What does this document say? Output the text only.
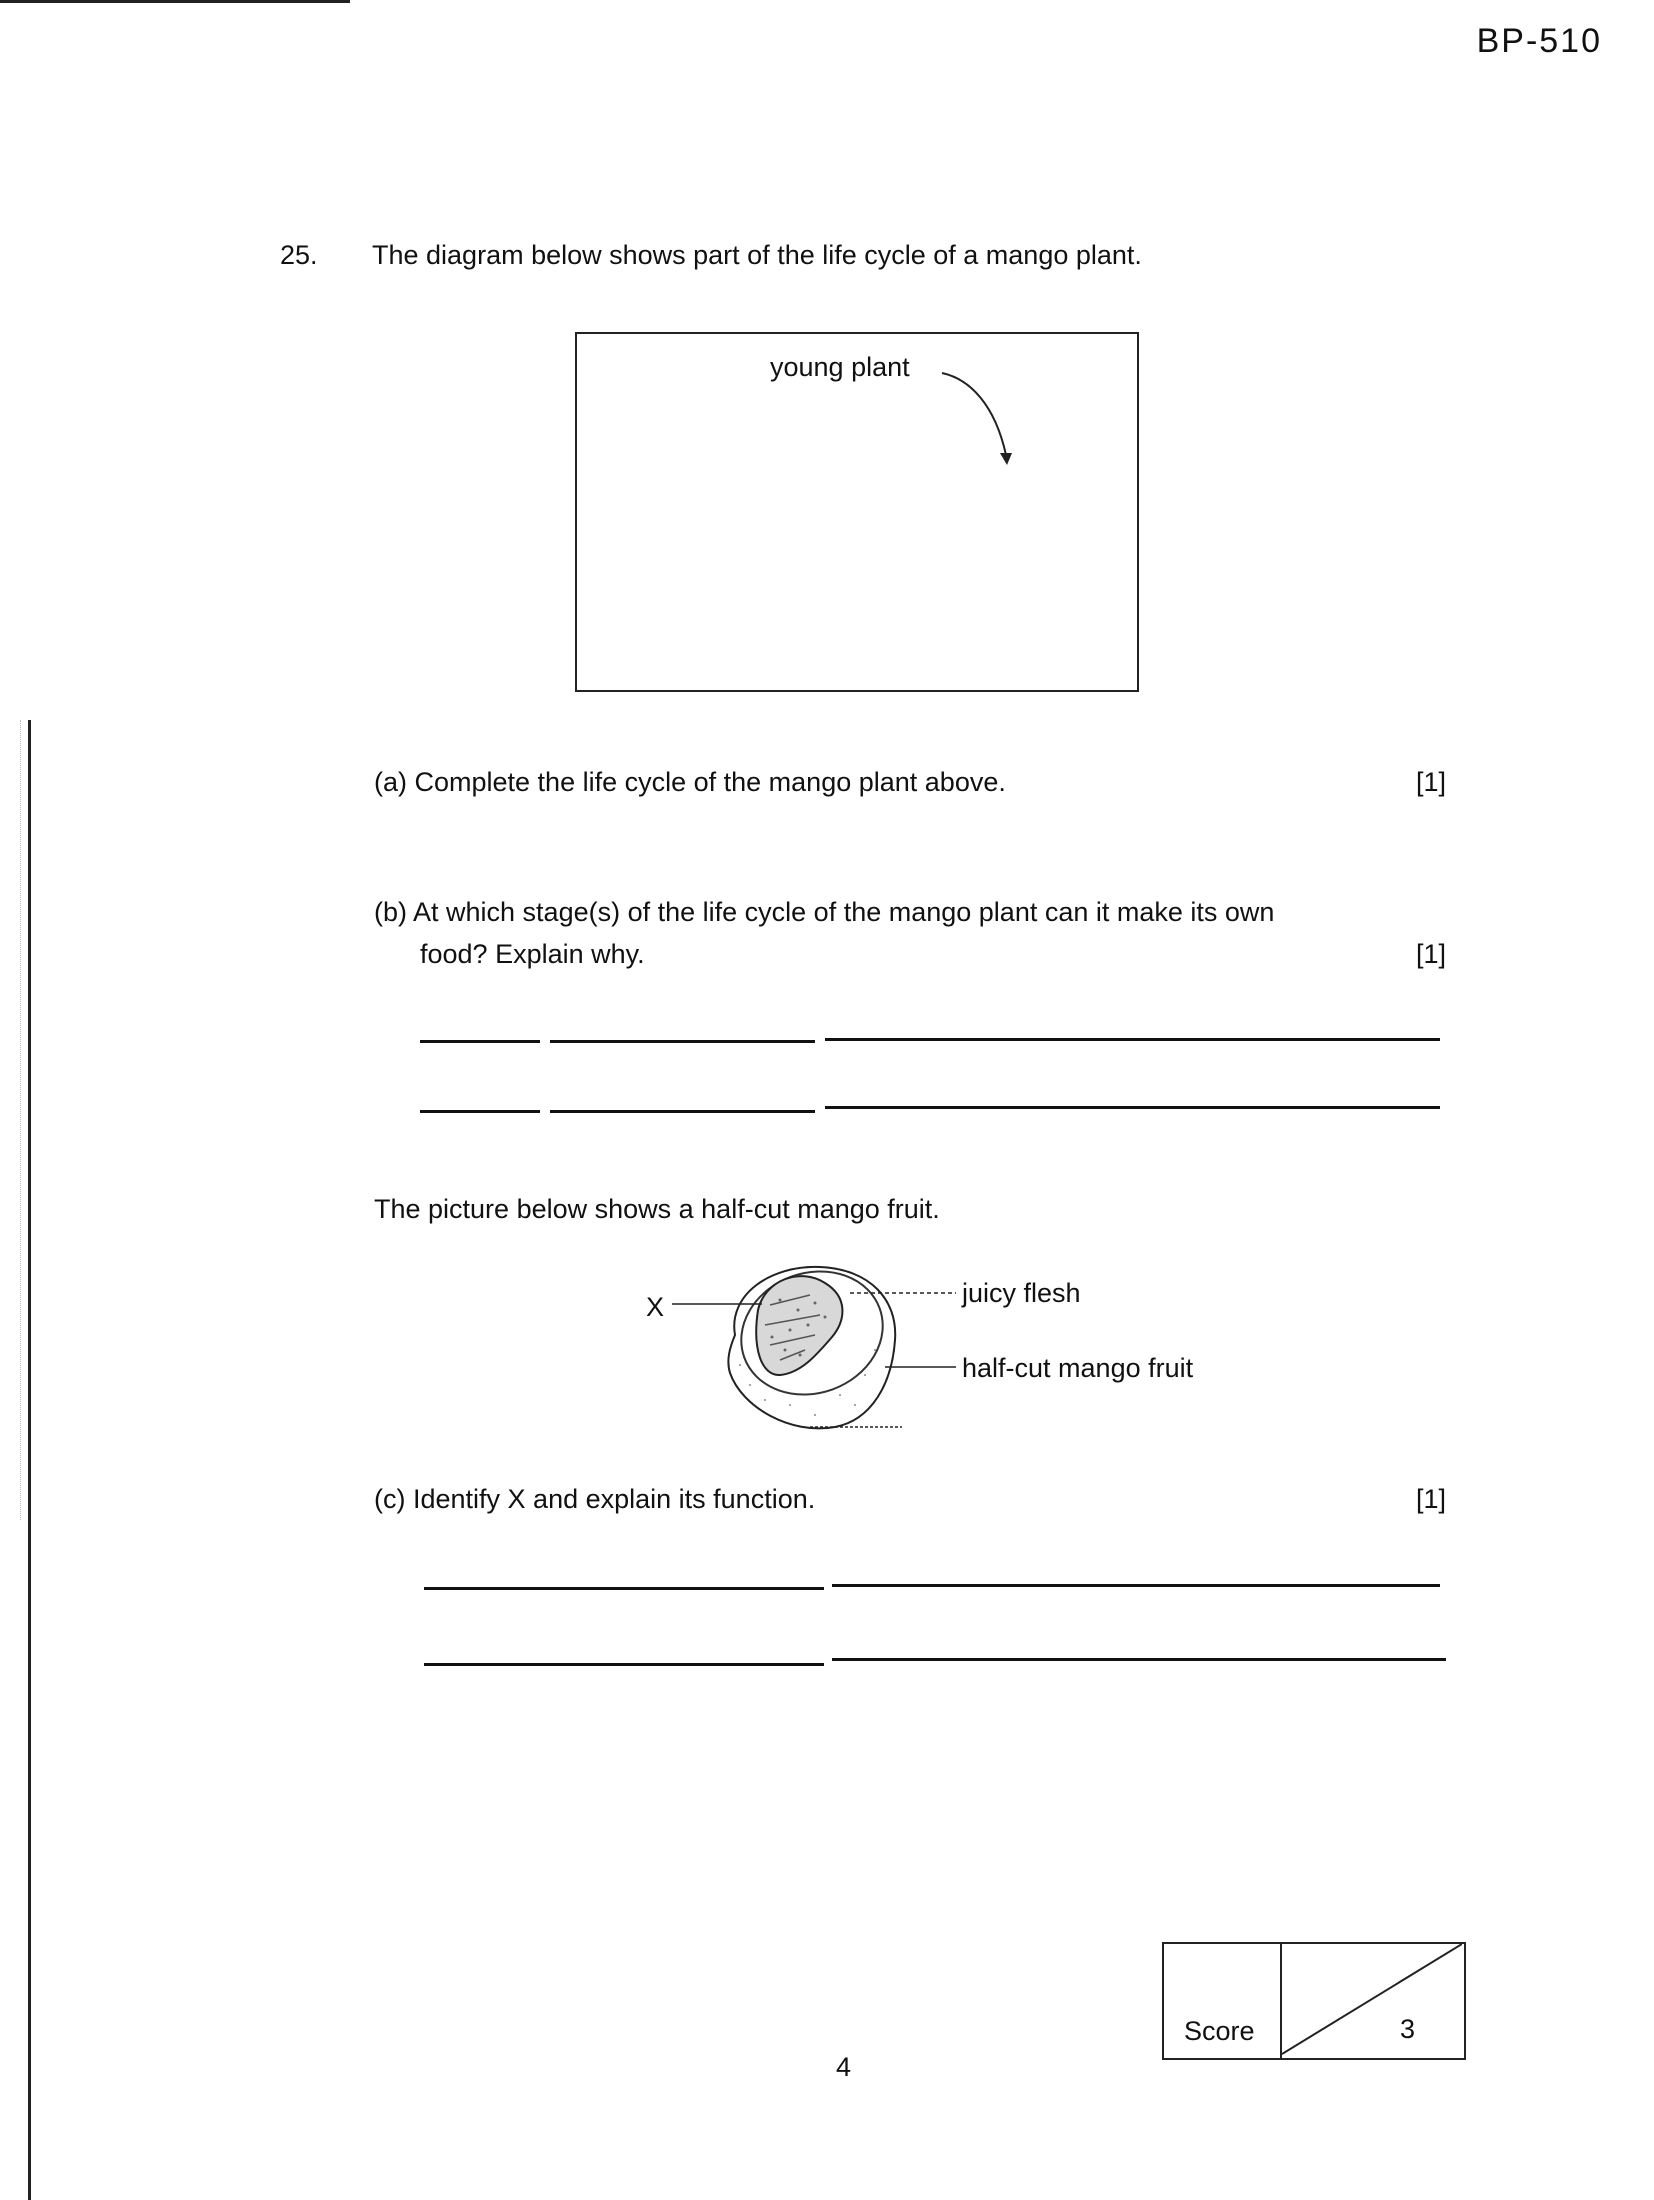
BP-510
25. The diagram below shows part of the life cycle of a mango plant.
young plant
(a) Complete the life cycle of the mango plant above.	[1]
(b) At which stage(s) of the life cycle of the mango plant can it make its own
food? Explain why.	[1]
The picture below shows a half-cut mango fruit.
X	juicy flesh
half-cut mango fruit
(c) Identify X and explain its function.	[1]
Score	3
4
